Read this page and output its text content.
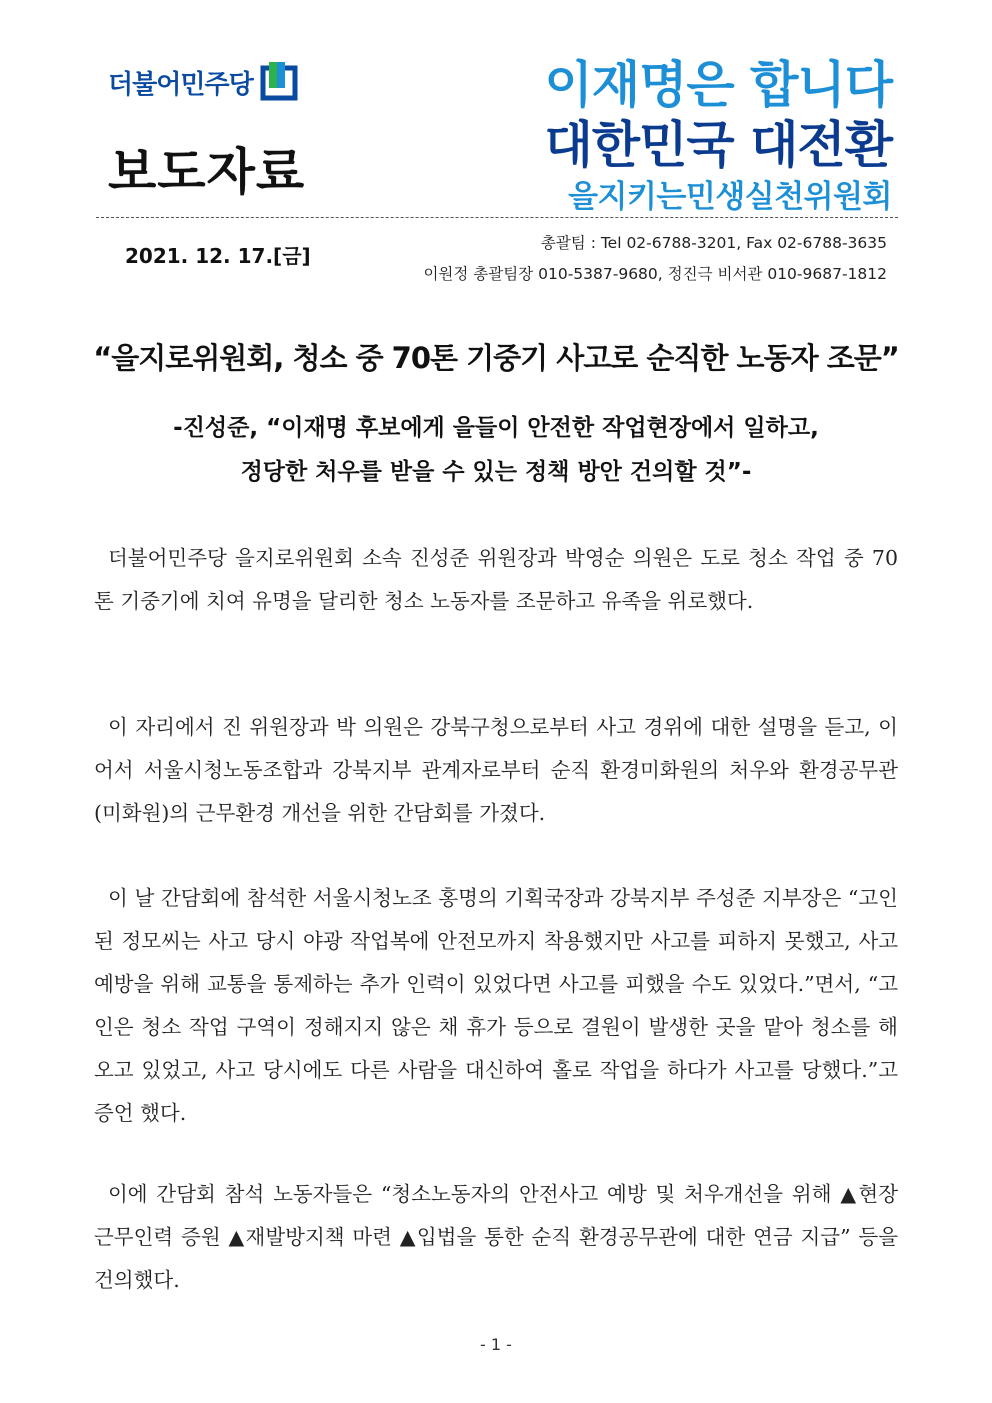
더불어민주당
보도자료
이재명은 합니다
대한민국 대전환
을지키는민생실천위원회
2021. 12. 17.[금]
총괄팀 : Tel 02-6788-3201, Fax 02-6788-3635
이원정 총괄팀장 010-5387-9680, 정진극 비서관 010-9687-1812
“을지로위원회, 청소 중 70톤 기중기 사고로 순직한 노동자 조문”
-진성준, “이재명 후보에게 을들이 안전한 작업현장에서 일하고,
정당한 처우를 받을 수 있는 정책 방안 건의할 것”-

더불어민주당 을지로위원회 소속 진성준 위원장과 박영순 의원은 도로 청소 작업 중 70톤 기중기에 치여 유명을 달리한 청소 노동자를 조문하고 유족을 위로했다.

이 자리에서 진 위원장과 박 의원은 강북구청으로부터 사고 경위에 대한 설명을 듣고, 이어서 서울시청노동조합과 강북지부 관계자로부터 순직 환경미화원의 처우와 환경공무관(미화원)의 근무환경 개선을 위한 간담회를 가졌다.

이 날 간담회에 참석한 서울시청노조 홍명의 기획국장과 강북지부 주성준 지부장은 “고인된 정모씨는 사고 당시 야광 작업복에 안전모까지 착용했지만 사고를 피하지 못했고, 사고 예방을 위해 교통을 통제하는 추가 인력이 있었다면 사고를 피했을 수도 있었다.”면서, “고인은 청소 작업 구역이 정해지지 않은 채 휴가 등으로 결원이 발생한 곳을 맡아 청소를 해오고 있었고, 사고 당시에도 다른 사람을 대신하여 홀로 작업을 하다가 사고를 당했다.”고 증언 했다.

이에 간담회 참석 노동자들은 “청소노동자의 안전사고 예방 및 처우개선을 위해 ▲현장 근무인력 증원 ▲재발방지책 마련 ▲입법을 통한 순직 환경공무관에 대한 연금 지급” 등을 건의했다.

- 1 -
